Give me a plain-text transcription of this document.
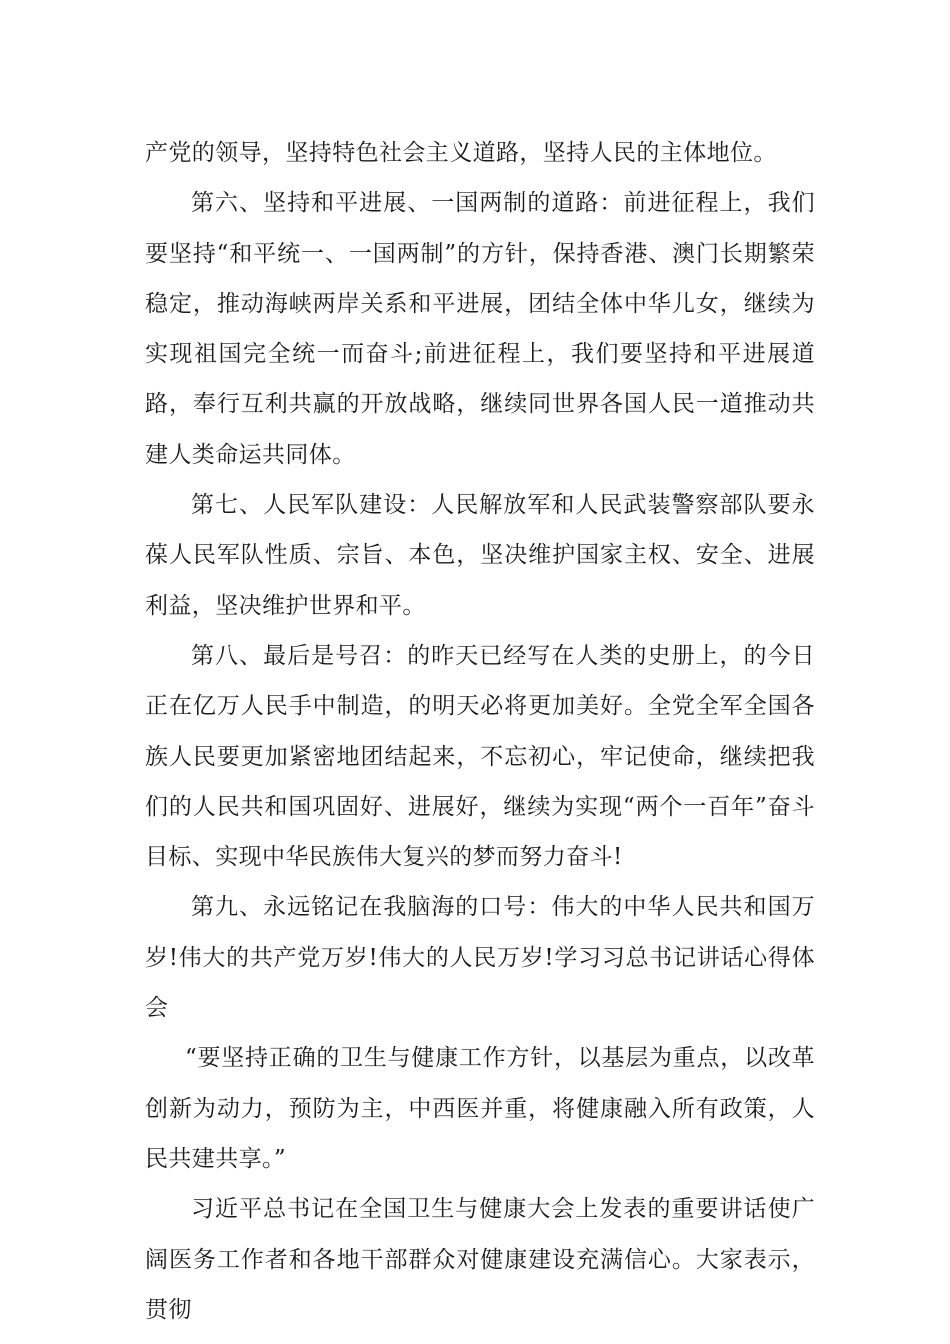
产党的领导，坚持特色社会主义道路，坚持人民的主体地位。

第六、坚持和平进展、一国两制的道路：前进征程上，我们要坚持“和平统一、一国两制”的方针，保持香港、澳门长期繁荣稳定，推动海峡两岸关系和平进展，团结全体中华儿女，继续为实现祖国完全统一而奋斗;前进征程上，我们要坚持和平进展道路，奉行互利共赢的开放战略，继续同世界各国人民一道推动共建人类命运共同体。

第七、人民军队建设：人民解放军和人民武装警察部队要永葆人民军队性质、宗旨、本色，坚决维护国家主权、安全、进展利益，坚决维护世界和平。

第八、最后是号召：的昨天已经写在人类的史册上，的今日正在亿万人民手中制造，的明天必将更加美好。全党全军全国各族人民要更加紧密地团结起来，不忘初心，牢记使命，继续把我们的人民共和国巩固好、进展好，继续为实现“两个一百年”奋斗目标、实现中华民族伟大复兴的梦而努力奋斗!

第九、永远铭记在我脑海的口号：伟大的中华人民共和国万岁!伟大的共产党万岁!伟大的人民万岁!学习习总书记讲话心得体会

“要坚持正确的卫生与健康工作方针，以基层为重点，以改革创新为动力，预防为主，中西医并重，将健康融入所有政策，人民共建共享。”

习近平总书记在全国卫生与健康大会上发表的重要讲话使广阔医务工作者和各地干部群众对健康建设充满信心。大家表示，贯彻
